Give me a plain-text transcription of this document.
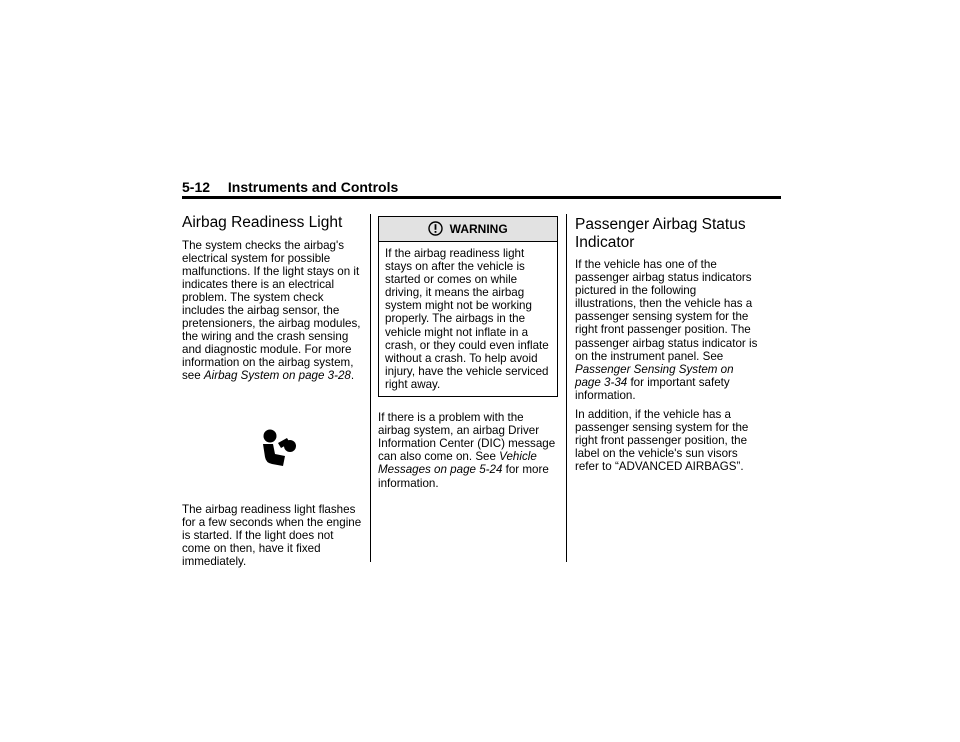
5-12 Instruments and Controls
Airbag Readiness Light

The system checks the airbag's electrical system for possible malfunctions. If the light stays on it indicates there is an electrical problem. The system check includes the airbag sensor, the pretensioners, the airbag modules, the wiring and the crash sensing and diagnostic module. For more information on the airbag system, see Airbag System on page 3-28.

The airbag readiness light flashes for a few seconds when the engine is started. If the light does not come on then, have it fixed immediately.

WARNING
If the airbag readiness light stays on after the vehicle is started or comes on while driving, it means the airbag system might not be working properly. The airbags in the vehicle might not inflate in a crash, or they could even inflate without a crash. To help avoid injury, have the vehicle serviced right away.

If there is a problem with the airbag system, an airbag Driver Information Center (DIC) message can also come on. See Vehicle Messages on page 5-24 for more information.

Passenger Airbag Status Indicator

If the vehicle has one of the passenger airbag status indicators pictured in the following illustrations, then the vehicle has a passenger sensing system for the right front passenger position. The passenger airbag status indicator is on the instrument panel. See Passenger Sensing System on page 3-34 for important safety information.

In addition, if the vehicle has a passenger sensing system for the right front passenger position, the label on the vehicle's sun visors refer to “ADVANCED AIRBAGS”.
